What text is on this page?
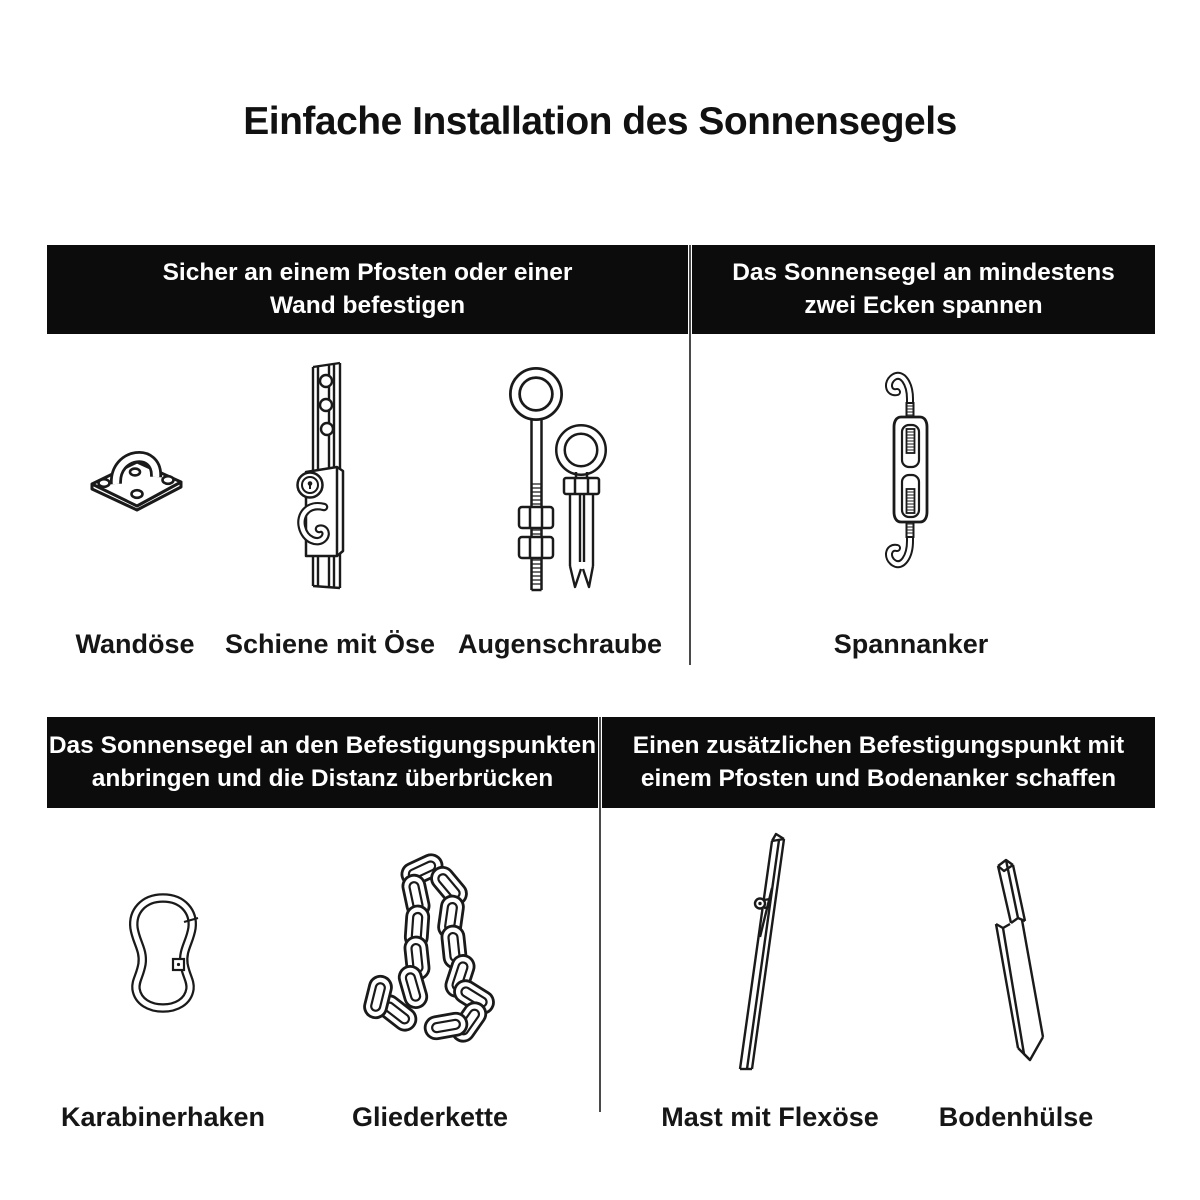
Einfache Installation des Sonnensegels
Sicher an einem Pfosten oder einer
Wand befestigen
Das Sonnensegel an mindestens
zwei Ecken spannen
Das Sonnensegel an den Befestigungspunkten
anbringen und die Distanz überbrücken
Einen zusätzlichen Befestigungspunkt mit
einem Pfosten und Bodenanker schaffen
Wandöse	Schiene mit Öse Augenschraube	Spannanker
Karabinerhaken	Gliederkette	Mast mit Flexöse	Bodenhülse
